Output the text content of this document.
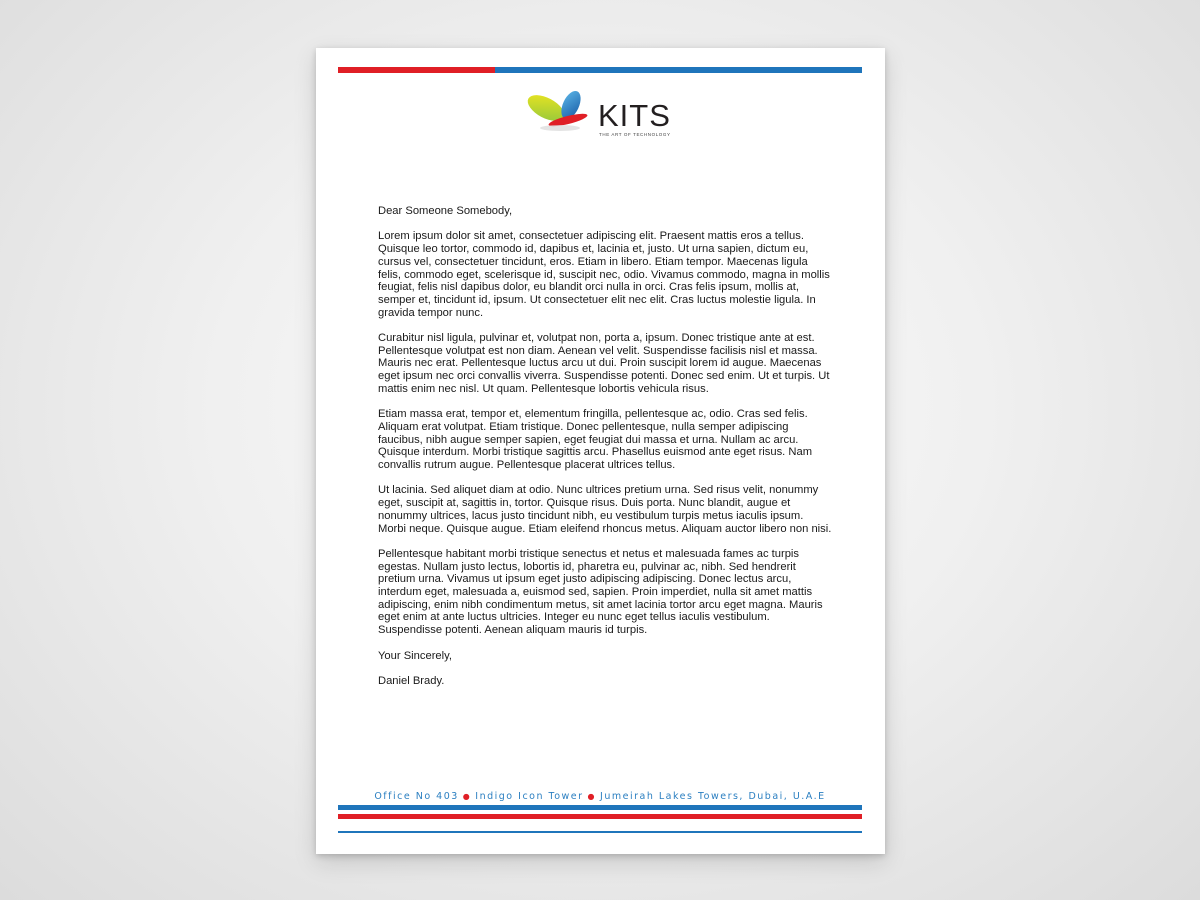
KITS
THE ART OF TECHNOLOGY

Dear Someone Somebody,

Lorem ipsum dolor sit amet, consectetuer adipiscing elit. Praesent mattis eros a tellus. Quisque leo tortor, commodo id, dapibus et, lacinia et, justo. Ut urna sapien, dictum eu, cursus vel, consectetuer tincidunt, eros. Etiam in libero. Etiam tempor. Maecenas ligula felis, commodo eget, scelerisque id, suscipit nec, odio. Vivamus commodo, magna in mollis feugiat, felis nisl dapibus dolor, eu blandit orci nulla in orci. Cras felis ipsum, mollis at, semper et, tincidunt id, ipsum. Ut consectetuer elit nec elit. Cras luctus molestie ligula. In gravida tempor nunc.

Curabitur nisl ligula, pulvinar et, volutpat non, porta a, ipsum. Donec tristique ante at est. Pellentesque volutpat est non diam. Aenean vel velit. Suspendisse facilisis nisl et massa. Mauris nec erat. Pellentesque luctus arcu ut dui. Proin suscipit lorem id augue. Maecenas eget ipsum nec orci convallis viverra. Suspendisse potenti. Donec sed enim. Ut et turpis. Ut mattis enim nec nisl. Ut quam. Pellentesque lobortis vehicula risus.

Etiam massa erat, tempor et, elementum fringilla, pellentesque ac, odio. Cras sed felis. Aliquam erat volutpat. Etiam tristique. Donec pellentesque, nulla semper adipiscing faucibus, nibh augue semper sapien, eget feugiat dui massa et urna. Nullam ac arcu. Quisque interdum. Morbi tristique sagittis arcu. Phasellus euismod ante eget risus. Nam convallis rutrum augue. Pellentesque placerat ultrices tellus.

Ut lacinia. Sed aliquet diam at odio. Nunc ultrices pretium urna. Sed risus velit, nonummy eget, suscipit at, sagittis in, tortor. Quisque risus. Duis porta. Nunc blandit, augue et nonummy ultrices, lacus justo tincidunt nibh, eu vestibulum turpis metus iaculis ipsum. Morbi neque. Quisque augue. Etiam eleifend rhoncus metus. Aliquam auctor libero non nisi.

Pellentesque habitant morbi tristique senectus et netus et malesuada fames ac turpis egestas. Nullam justo lectus, lobortis id, pharetra eu, pulvinar ac, nibh. Sed hendrerit pretium urna. Vivamus ut ipsum eget justo adipiscing adipiscing. Donec lectus arcu, interdum eget, malesuada a, euismod sed, sapien. Proin imperdiet, nulla sit amet mattis adipiscing, enim nibh condimentum metus, sit amet lacinia tortor arcu eget magna. Mauris eget enim at ante luctus ultricies. Integer eu nunc eget tellus iaculis vestibulum. Suspendisse potenti. Aenean aliquam mauris id turpis.

Your Sincerely,

Daniel Brady.

Office No 403 ● Indigo Icon Tower ● Jumeirah Lakes Towers, Dubai, U.A.E
